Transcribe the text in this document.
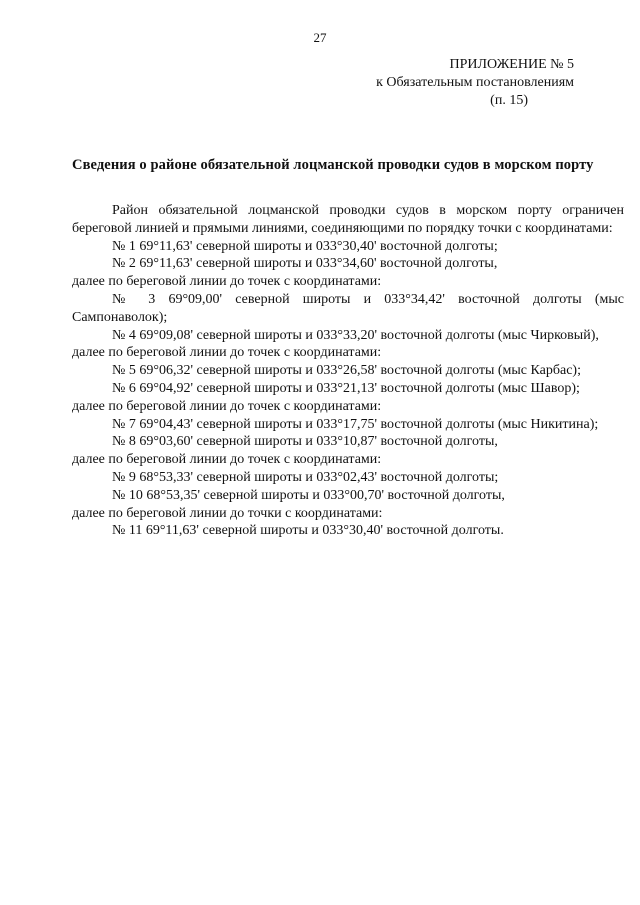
27
ПРИЛОЖЕНИЕ № 5
к Обязательным постановлениям
(п. 15)
Сведения о районе обязательной лоцманской проводки судов в морском порту

Район обязательной лоцманской проводки судов в морском порту ограничен береговой линией и прямыми линиями, соединяющими по порядку точки с координатами:

№ 1 69°11,63' северной широты и 033°30,40' восточной долготы;

№ 2 69°11,63' северной широты и 033°34,60' восточной долготы,

далее по береговой линии до точек с координатами:

№ 3 69°09,00' северной широты и 033°34,42' восточной долготы (мыс Сампонаволок);

№ 4 69°09,08' северной широты и 033°33,20' восточной долготы (мыс Чирковый),

далее по береговой линии до точек с координатами:

№ 5 69°06,32' северной широты и 033°26,58' восточной долготы (мыс Карбас);

№ 6 69°04,92' северной широты и 033°21,13' восточной долготы (мыс Шавор);

далее по береговой линии до точек с координатами:

№ 7 69°04,43' северной широты и 033°17,75' восточной долготы (мыс Никитина);

№ 8 69°03,60' северной широты и 033°10,87' восточной долготы,

далее по береговой линии до точек с координатами:

№ 9 68°53,33' северной широты и 033°02,43' восточной долготы;

№ 10 68°53,35' северной широты и 033°00,70' восточной долготы,

далее по береговой линии до точки с координатами:

№ 11 69°11,63' северной широты и 033°30,40' восточной долготы.
